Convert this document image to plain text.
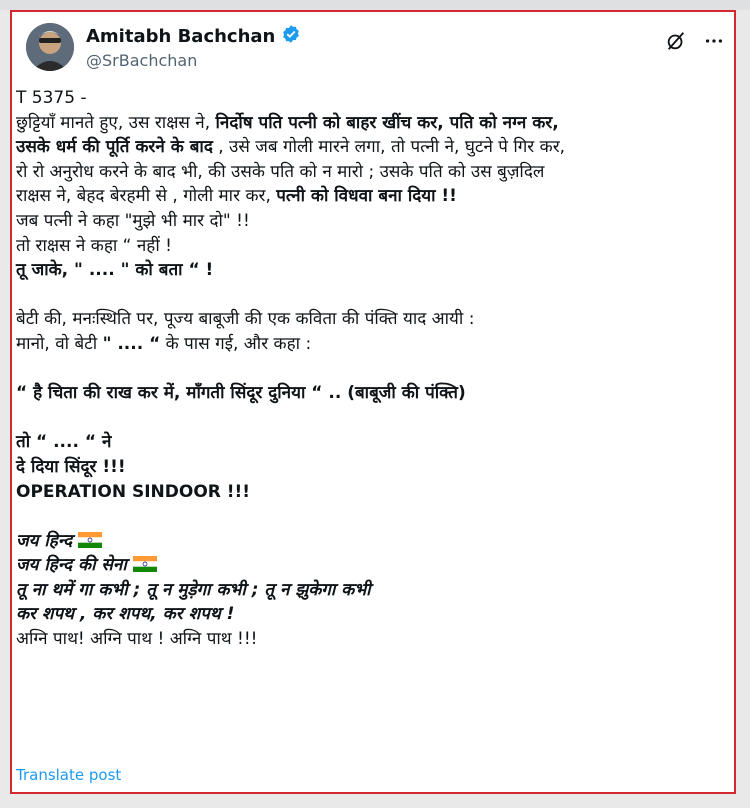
Amitabh Bachchan
@SrBachchan
T 5375 -
छुट्टियाँ मानते हुए, उस राक्षस ने, निर्दोष पति पत्नी को बाहर खींच कर, पति को नग्न कर,
उसके धर्म की पूर्ति करने के बाद , उसे जब गोली मारने लगा, तो पत्नी ने, घुटने पे गिर कर,
रो रो अनुरोध करने के बाद भी, की उसके पति को न मारो ; उसके पति को उस बुज़दिल
राक्षस ने, बेहद बेरहमी से , गोली मार कर, पत्नी को विधवा बना दिया !!
जब पत्नी ने कहा "मुझे भी मार दो" !!
तो राक्षस ने कहा “ नहीं !
तू जाके, " .... " को बता “ !
बेटी की, मनःस्थिति पर, पूज्य बाबूजी की एक कविता की पंक्ति याद आयी :
मानो, वो बेटी " .... “ के पास गई, और कहा :
“ है चिता की राख कर में, माँगती सिंदूर दुनिया “ .. (बाबूजी की पंक्ति)
तो “ .... “ ने
दे दिया सिंदूर !!!
OPERATION SINDOOR !!!
जय हिन्द
जय हिन्द की सेना
तू ना थमें गा कभी ; तू न मुड़ेगा कभी ; तू न झुकेगा कभी
कर शपथ , कर शपथ, कर शपथ !
अग्नि पाथ! अग्नि पाथ ! अग्नि पाथ !!!
Translate post
